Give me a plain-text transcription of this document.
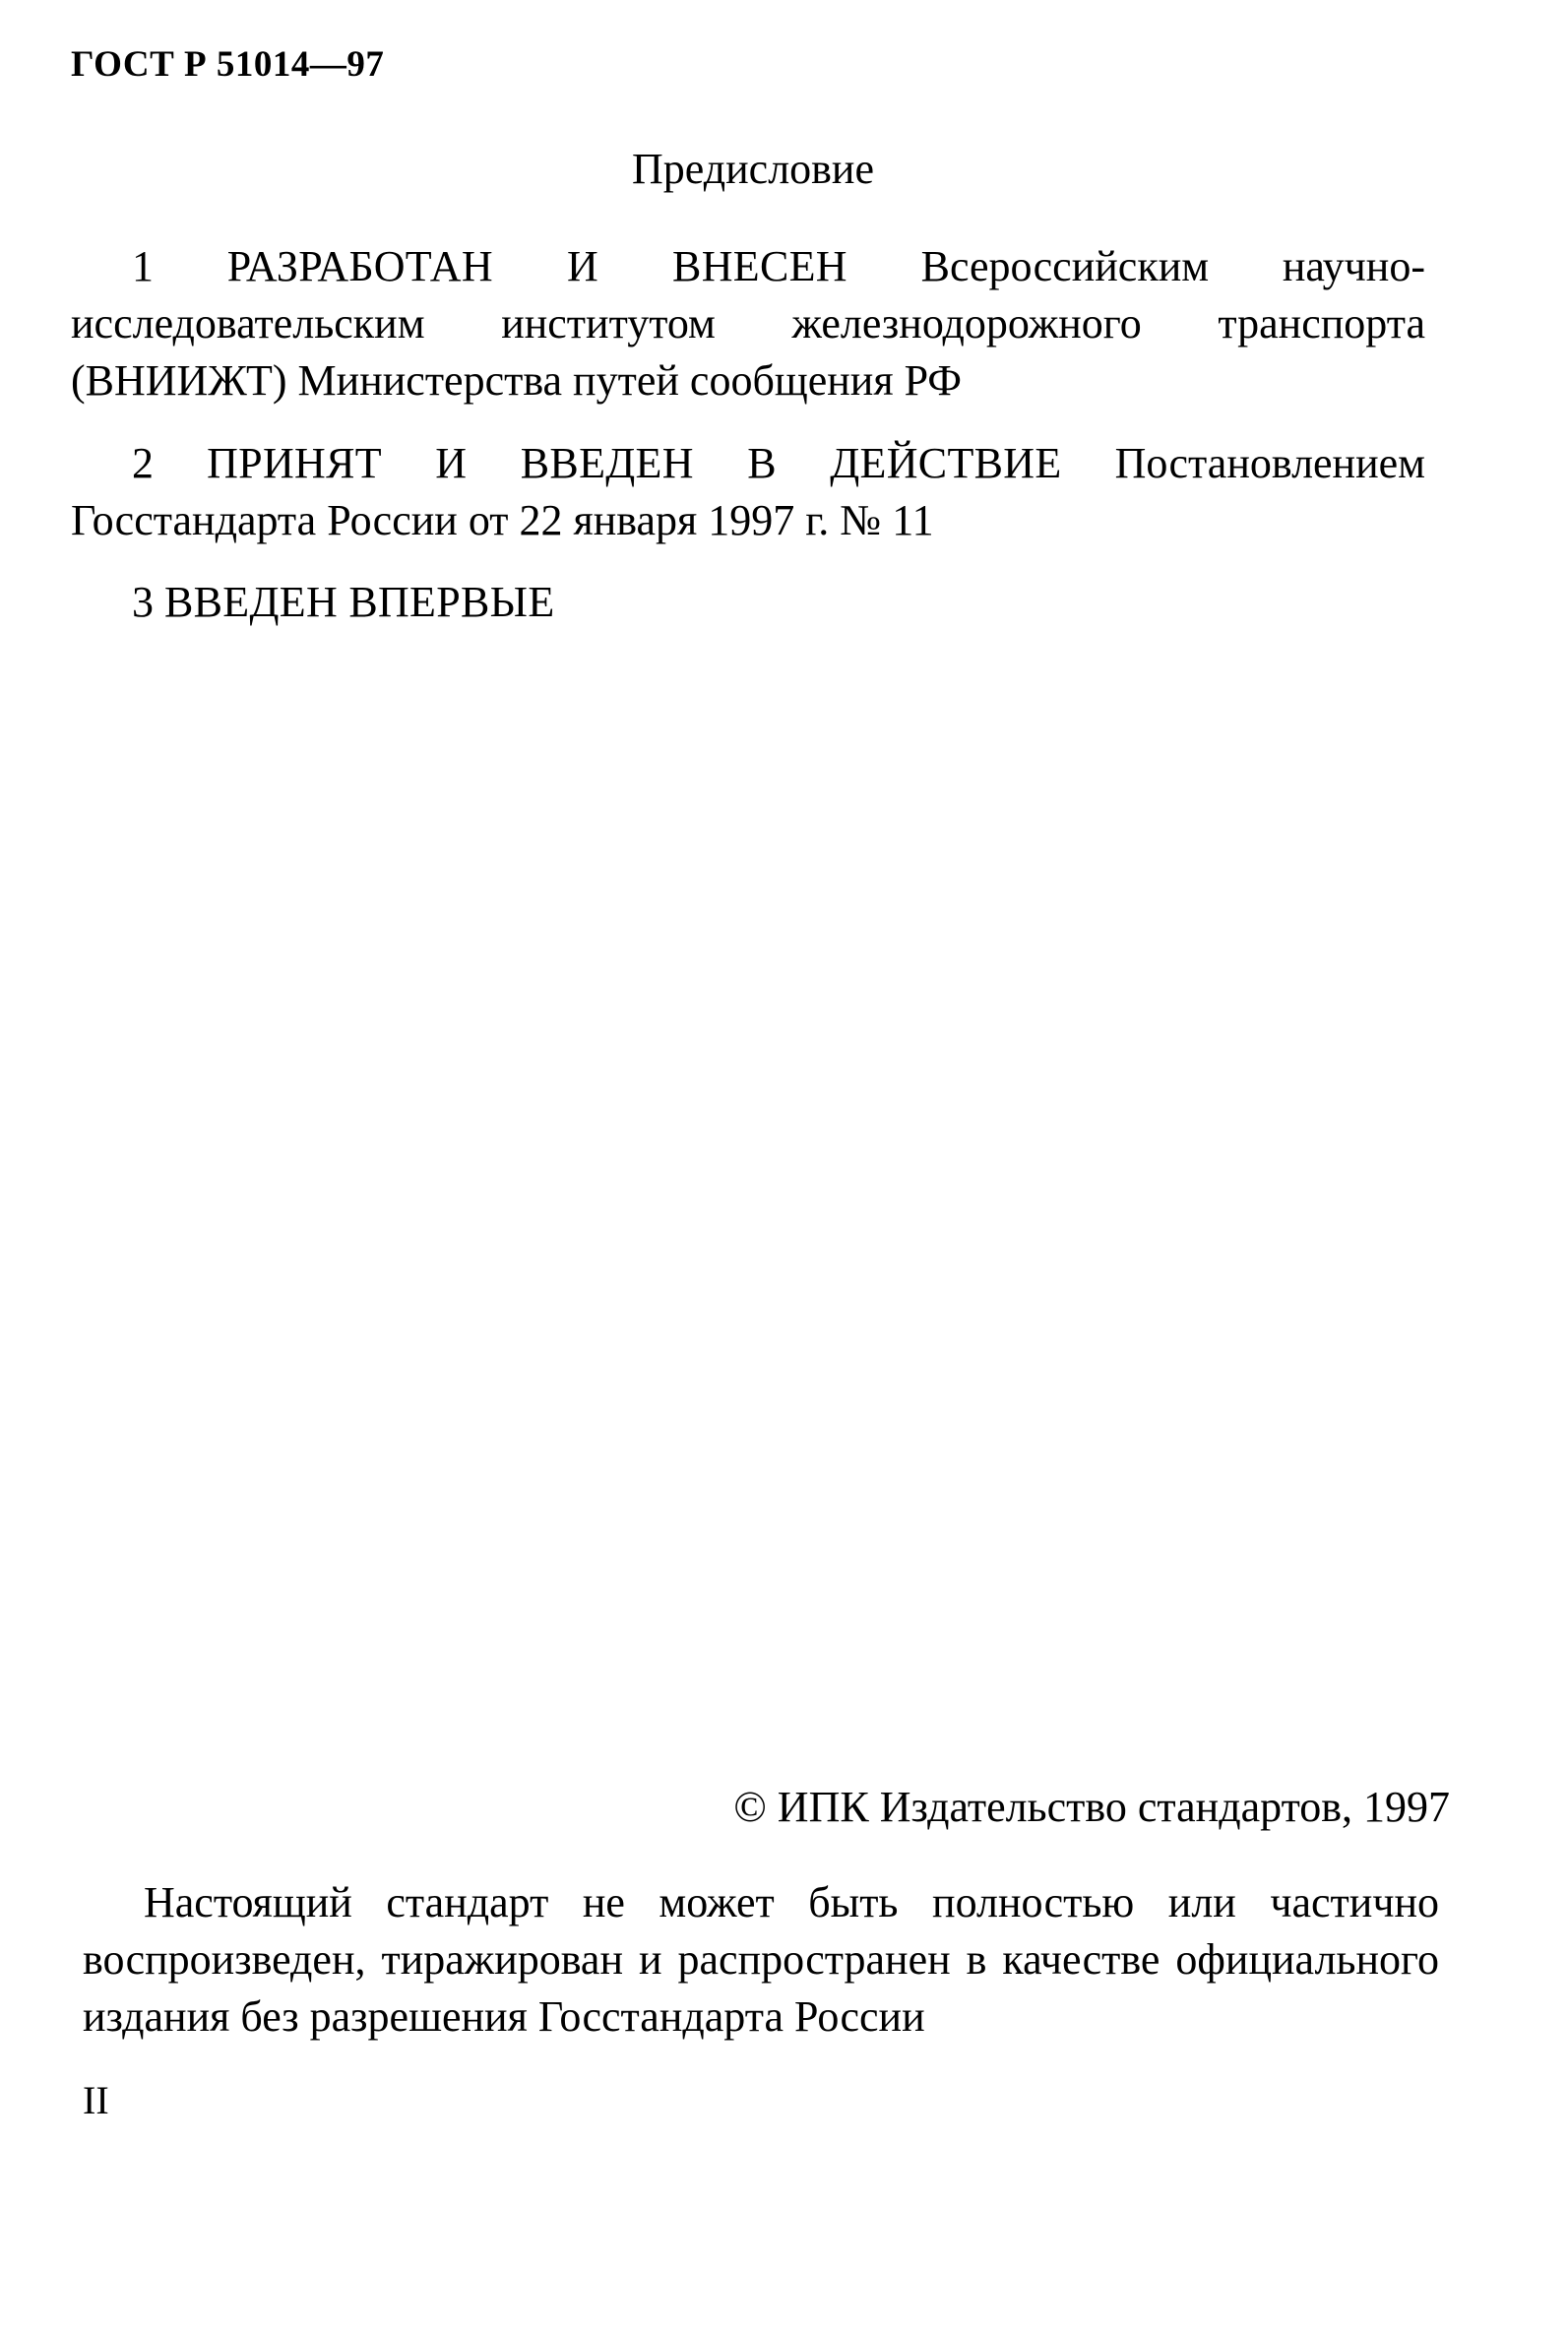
ГОСТ Р 51014—97
Предисловие
1 РАЗРАБОТАН И ВНЕСЕН Всероссийским научно-исследовательским институтом железнодорожного транспорта (ВНИИЖТ) Министерства путей сообщения РФ
2 ПРИНЯТ И ВВЕДЕН В ДЕЙСТВИЕ Постановлением Госстандарта России от 22 января 1997 г. № 11
3 ВВЕДЕН ВПЕРВЫЕ
© ИПК Издательство стандартов, 1997
Настоящий стандарт не может быть полностью или частично воспроизведен, тиражирован и распространен в качестве официального издания без разрешения Госстандарта России
II
